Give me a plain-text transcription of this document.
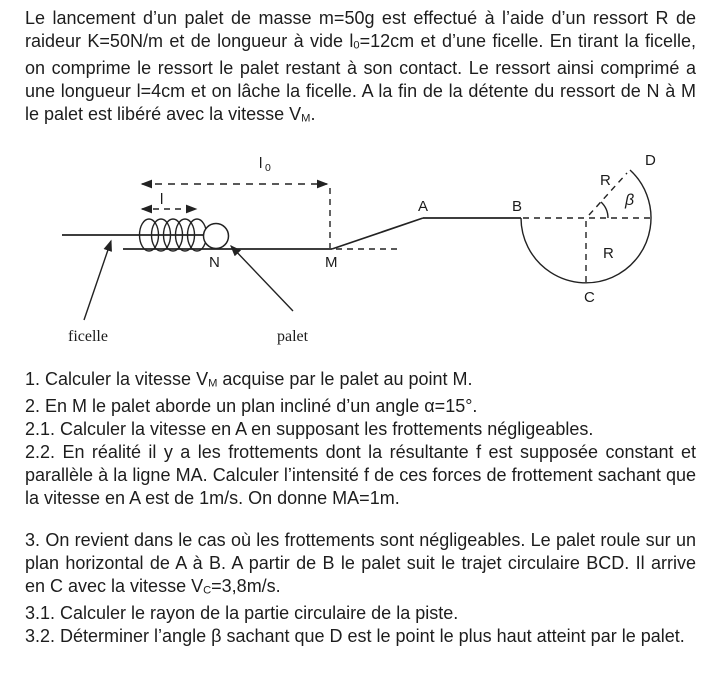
Le lancement d’un palet de masse m=50g est effectué à l’aide d’un ressort R de raideur K=50N/m et de longueur à vide l0=12cm et d’une ficelle. En tirant la ficelle, on comprime le ressort le palet restant à son contact. Le ressort ainsi comprimé a une longueur l=4cm et on lâche la ficelle. A la fin de la détente du ressort de N à M le palet est libéré avec la vitesse VM.

l 0
l
N	M
A	B
C
D
R
R
β
ficelle	palet

1. Calculer la vitesse VM acquise par le palet au point M.

2. En M le palet aborde un plan incliné d’un angle α=15°.

2.1. Calculer la vitesse en A en supposant les frottements négligeables.

2.2. En réalité il y a les frottements dont la résultante f est supposée constant et parallèle à la ligne MA. Calculer l’intensité f de ces forces de frottement sachant que la vitesse en A est de 1m/s. On donne MA=1m.

3. On revient dans le cas où les frottements sont négligeables. Le palet roule sur un plan horizontal de A à B. A partir de B le palet suit le trajet circulaire BCD. Il arrive en C avec la vitesse VC=3,8m/s.

3.1. Calculer le rayon de la partie circulaire de la piste.

3.2. Déterminer l’angle β sachant que D est le point le plus haut atteint par le palet.
